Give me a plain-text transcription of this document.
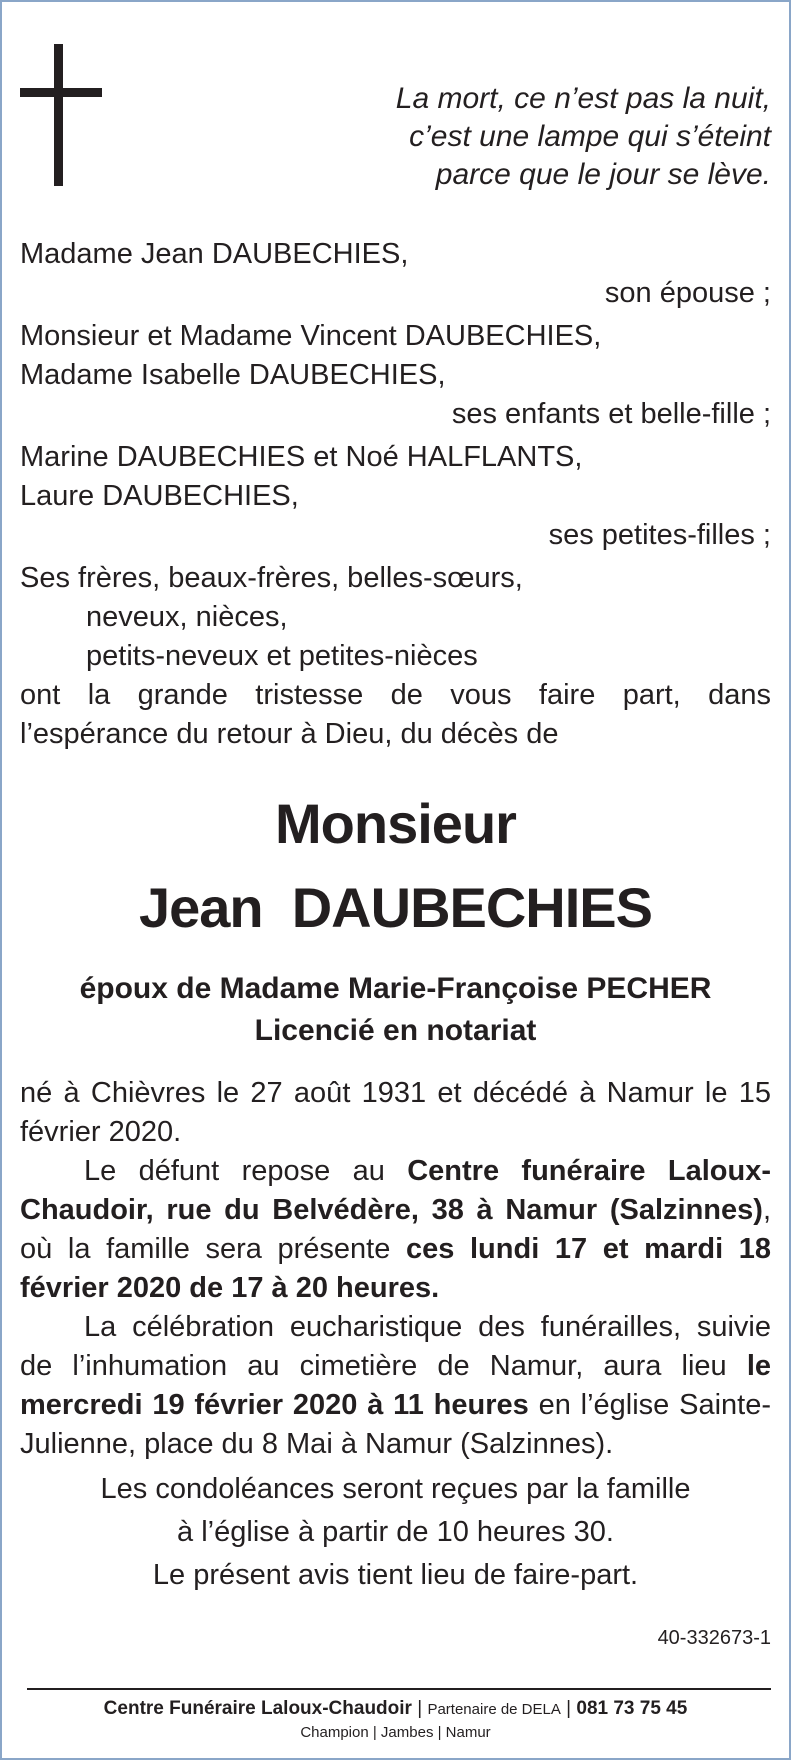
La mort, ce n’est pas la nuit,
c’est une lampe qui s’éteint
parce que le jour se lève.
Madame Jean DAUBECHIES,
son épouse ;
Monsieur et Madame Vincent DAUBECHIES,
Madame Isabelle DAUBECHIES,
ses enfants et belle-fille ;
Marine DAUBECHIES et Noé HALFLANTS,
Laure DAUBECHIES,
ses petites-filles ;
Ses frères, beaux-frères, belles-sœurs,
neveux, nièces,
petits-neveux et petites-nièces
ont la grande tristesse de vous faire part, dans
l’espérance du retour à Dieu, du décès de
Monsieur
Jean  DAUBECHIES
époux de Madame Marie-Françoise PECHER
Licencié en notariat
né à Chièvres le 27 août 1931 et décédé à Namur le 15 février 2020.
Le défunt repose au Centre funéraire Laloux-Chaudoir, rue du Belvédère, 38 à Namur (Salzinnes), où la famille sera présente ces lundi 17 et mardi 18 février 2020 de 17 à 20 heures.
La célébration eucharistique des funérailles, suivie de l’inhumation au cimetière de Namur, aura lieu le mercredi 19 février 2020 à 11 heures en l’église Sainte-Julienne, place du 8 Mai à Namur (Salzinnes).
Les condoléances seront reçues par la famille
à l’église à partir de 10 heures 30.
Le présent avis tient lieu de faire-part.
40-332673-1
Centre Funéraire Laloux-Chaudoir | Partenaire de DELA | 081 73 75 45
Champion | Jambes | Namur
